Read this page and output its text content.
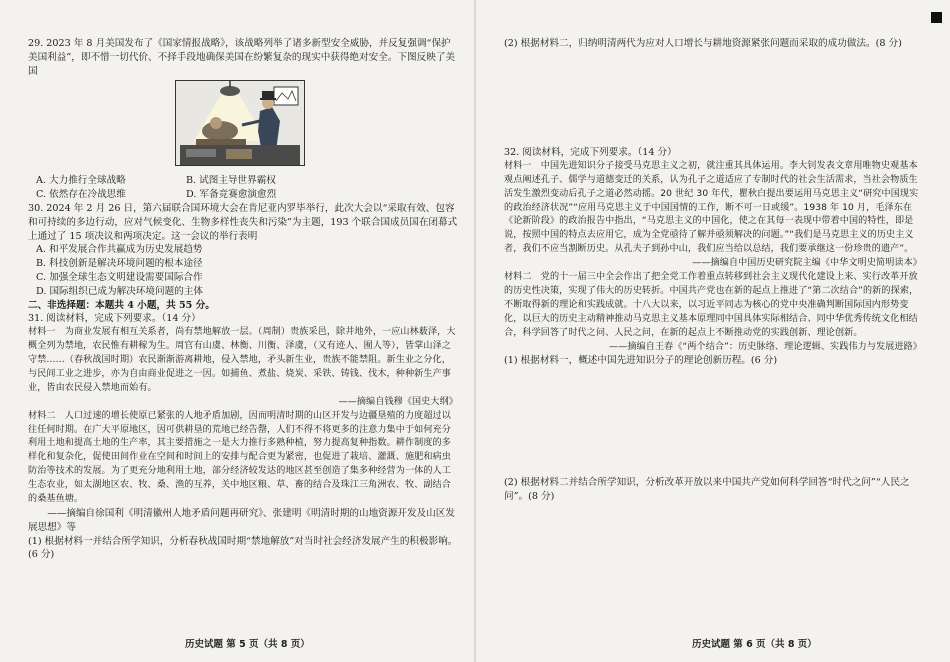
29. 2023 年 8 月美国发布了《国家情报战略》，该战略列举了诸多新型安全威胁，并反复强调“保护美国利益”，即不惜一切代价、不择手段地确保美国在纷繁复杂的现实中获得绝对安全。下图反映了美国

A. 大力推行全球战略	B. 试图主导世界霸权

C. 依然存在冷战思维	D. 军备竞赛愈演愈烈

30. 2024 年 2 月 26 日，第六届联合国环境大会在肯尼亚内罗毕举行，此次大会以“采取有效、包容和可持续的多边行动，应对气候变化、生物多样性丧失和污染”为主题，193 个联合国成员国在闭幕式上通过了 15 项决议和两项决定。这一会议的举行表明

A. 和平发展合作共赢成为历史发展趋势

B. 科技创新是解决环境问题的根本途径

C. 加强全球生态文明建设需要国际合作

D. 国际组织已成为解决环境问题的主体

二、非选择题：本题共 4 小题，共 55 分。

31. 阅读材料，完成下列要求。（14 分）

材料一　为商业发展有相互关系者，尚有禁地解放一层。（周制）贵族采邑，除井地外，一应山林薮泽，大概全列为禁地，农民惟有耕稼为生。周官有山虞、林衡、川衡、泽虞，（又有迹人、囿人等），皆掌山泽之守禁……（春秋战国时期）农民渐渐游离耕地，侵入禁地，矛头新生业，贵族不能禁阻。新生业之分化，与民间工业之进步，亦为自由商业促进之一因。如捕鱼、煮盐、烧炭、采铁、铸钱、伐木，种种新生产事业，皆由农民侵入禁地而始有。

——摘编自钱穆《国史大纲》

材料二　人口过速的增长使原已紧张的人地矛盾加剧，因而明清时期的山区开发与边疆垦殖的力度超过以往任何时期。在广大平原地区，因可供耕垦的荒地已经告罄，人们不得不将更多的注意力集中于如何充分利用土地和提高土地的生产率，其主要措施之一是大力推行多熟种植，努力提高复种指数。耕作制度的多样化和复杂化，促使田间作业在空间和时间上的安排与配合更为紧密，也促进了栽培、灌溉、施肥和病虫防治等技术的发展。为了更充分地利用土地，部分经济较发达的地区甚至创造了集多种经营为一体的人工生态农业，如太湖地区农、牧、桑、渔的互养，关中地区粮、草、畜的结合及珠江三角洲农、牧、副结合的桑基鱼塘。

——摘编自徐国利《明清徽州人地矛盾问题再研究》、张建明《明清时期的山地资源开发及山区发展思想》等

(1) 根据材料一并结合所学知识，分析春秋战国时期“禁地解放”对当时社会经济发展产生的积极影响。(6 分)

历史试题 第 5 页（共 8 页）

(2) 根据材料二，归纳明清两代为应对人口增长与耕地资源紧张问题而采取的成功做法。(8 分)

32. 阅读材料，完成下列要求。（14 分）

材料一　中国先进知识分子接受马克思主义之初，就注重其具体运用。李大钊发表文章用唯物史观基本观点阐述孔子、儒学与道德变迁的关系，认为孔子之道适应了专制时代的社会生活需求，当社会物质生活发生激烈变动后孔子之道必然动摇。20 世纪 30 年代，瞿秋白提出要运用马克思主义“研究中国现实的政治经济状况”“应用马克思主义于中国国情的工作，断不可一日或缓”。1938 年 10 月，毛泽东在《论新阶段》的政治报告中指出，“马克思主义的中国化，使之在其每一表现中带着中国的特性，即是说，按照中国的特点去应用它，成为全党亟待了解并亟须解决的问题。”“我们是马克思主义的历史主义者，我们不应当割断历史。从孔夫子到孙中山，我们应当给以总结，我们要承继这一份珍贵的遗产”。

——摘编自中国历史研究院主编《中华文明史简明读本》

材料二　党的十一届三中全会作出了把全党工作着重点转移到社会主义现代化建设上来、实行改革开放的历史性决策，实现了伟大的历史转折。中国共产党也在新的起点上推进了“第二次结合”的新的探索，不断取得新的理论和实践成就。十八大以来，以习近平同志为核心的党中央准确判断国际国内形势变化，以巨大的历史主动精神推动马克思主义基本原理同中国具体实际相结合、同中华优秀传统文化相结合，科学回答了时代之问、人民之问，在新的起点上不断推动党的实践创新、理论创新。

——摘编自王春《“两个结合”：历史脉络、理论逻辑、实践伟力与发展进路》

(1) 根据材料一，概述中国先进知识分子的理论创新历程。(6 分)

(2) 根据材料二并结合所学知识，分析改革开放以来中国共产党如何科学回答“时代之问”“人民之问”。(8 分)

历史试题 第 6 页（共 8 页）
